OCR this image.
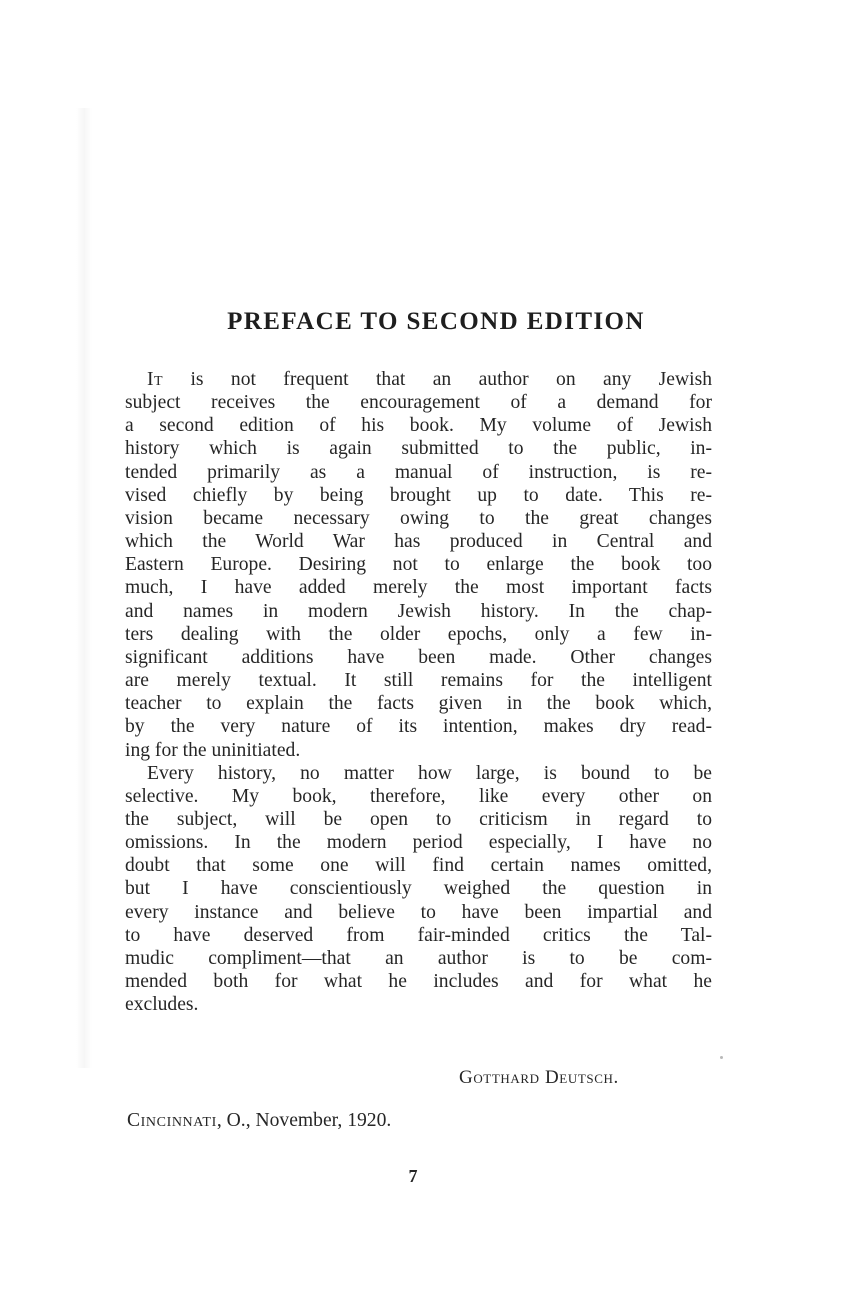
PREFACE TO SECOND EDITION

It is not frequent that an author on any Jewish
subject receives the encouragement of a demand for
a second edition of his book. My volume of Jewish
history which is again submitted to the public, in-
tended primarily as a manual of instruction, is re-
vised chiefly by being brought up to date. This re-
vision became necessary owing to the great changes
which the World War has produced in Central and
Eastern Europe. Desiring not to enlarge the book too
much, I have added merely the most important facts
and names in modern Jewish history. In the chap-
ters dealing with the older epochs, only a few in-
significant additions have been made. Other changes
are merely textual. It still remains for the intelligent
teacher to explain the facts given in the book which,
by the very nature of its intention, makes dry read-
ing for the uninitiated.

Every history, no matter how large, is bound to be
selective. My book, therefore, like every other on
the subject, will be open to criticism in regard to
omissions. In the modern period especially, I have no
doubt that some one will find certain names omitted,
but I have conscientiously weighed the question in
every instance and believe to have been impartial and
to have deserved from fair-minded critics the Tal-
mudic compliment—that an author is to be com-
mended both for what he includes and for what he
excludes.

Gotthard Deutsch.
Cincinnati, O., November, 1920.
7
